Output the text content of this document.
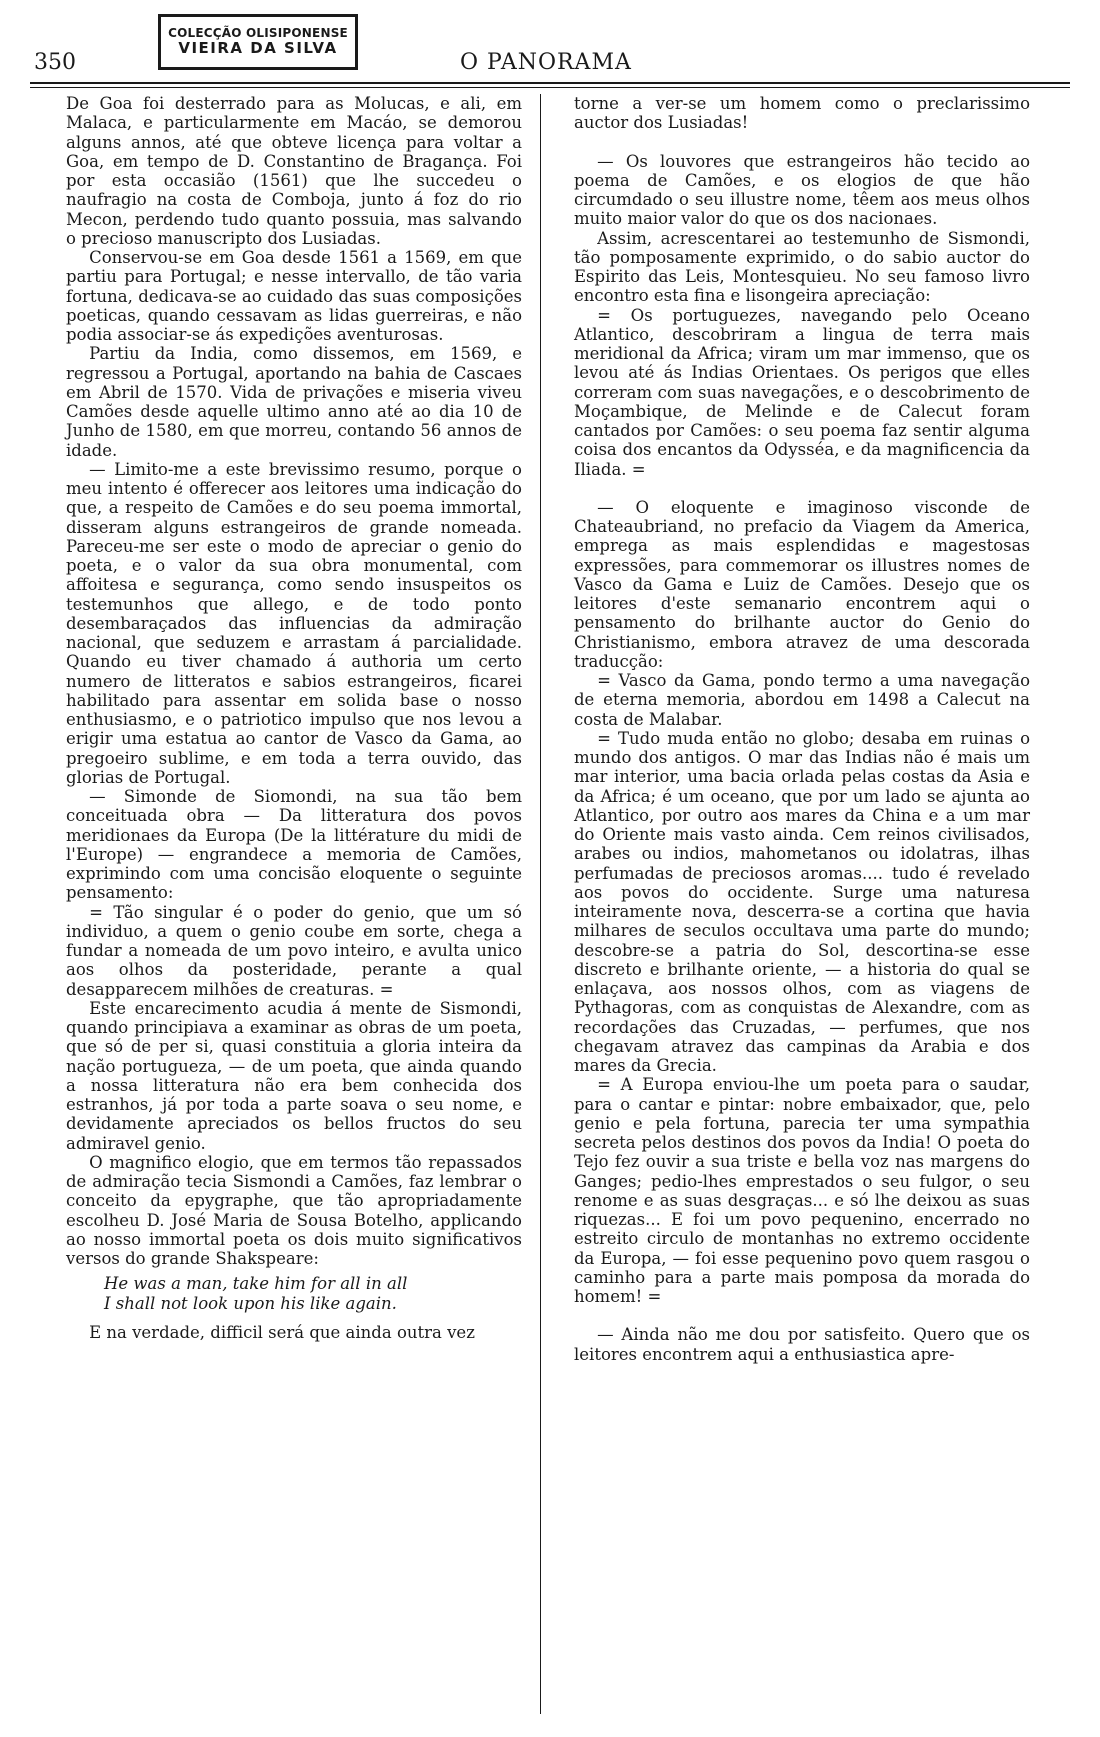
350
COLECÇÃO OLISIPONENSE
VIEIRA DA SILVA
O PANORAMA

De Goa foi desterrado para as Molucas, e ali, em Malaca, e particularmente em Macáo, se demorou alguns annos, até que obteve licença para voltar a Goa, em tempo de D. Constantino de Bragança. Foi por esta occasião (1561) que lhe succedeu o naufragio na costa de Comboja, junto á foz do rio Mecon, perdendo tudo quanto possuia, mas salvando o precioso manuscripto dos Lusiadas.

Conservou-se em Goa desde 1561 a 1569, em que partiu para Portugal; e nesse intervallo, de tão varia fortuna, dedicava-se ao cuidado das suas composições poeticas, quando cessavam as lidas guerreiras, e não podia associar-se ás expedições aventurosas.

Partiu da India, como dissemos, em 1569, e regressou a Portugal, aportando na bahia de Cascaes em Abril de 1570. Vida de privações e miseria viveu Camões desde aquelle ultimo anno até ao dia 10 de Junho de 1580, em que morreu, contando 56 annos de idade.

— Limito-me a este brevissimo resumo, porque o meu intento é offerecer aos leitores uma indicação do que, a respeito de Camões e do seu poema immortal, disseram alguns estrangeiros de grande nomeada. Pareceu-me ser este o modo de apreciar o genio do poeta, e o valor da sua obra monumental, com affoitesa e segurança, como sendo insuspeitos os testemunhos que allego, e de todo ponto desembaraçados das influencias da admiração nacional, que seduzem e arrastam á parcialidade. Quando eu tiver chamado á authoria um certo numero de litteratos e sabios estrangeiros, ficarei habilitado para assentar em solida base o nosso enthusiasmo, e o patriotico impulso que nos levou a erigir uma estatua ao cantor de Vasco da Gama, ao pregoeiro sublime, e em toda a terra ouvido, das glorias de Portugal.

— Simonde de Siomondi, na sua tão bem conceituada obra — Da litteratura dos povos meridionaes da Europa (De la littérature du midi de l'Europe) — engrandece a memoria de Camões, exprimindo com uma concisão eloquente o seguinte pensamento:

= Tão singular é o poder do genio, que um só individuo, a quem o genio coube em sorte, chega a fundar a nomeada de um povo inteiro, e avulta unico aos olhos da posteridade, perante a qual desapparecem milhões de creaturas. =

Este encarecimento acudia á mente de Sismondi, quando principiava a examinar as obras de um poeta, que só de per si, quasi constituia a gloria inteira da nação portugueza, — de um poeta, que ainda quando a nossa litteratura não era bem conhecida dos estranhos, já por toda a parte soava o seu nome, e devidamente apreciados os bellos fructos do seu admiravel genio.

O magnifico elogio, que em termos tão repassados de admiração tecia Sismondi a Camões, faz lembrar o conceito da epygraphe, que tão apropriadamente escolheu D. José Maria de Sousa Botelho, applicando ao nosso immortal poeta os dois muito significativos versos do grande Shakspeare:

He was a man, take him for all in all
I shall not look upon his like again.

E na verdade, difficil será que ainda outra vez

torne a ver-se um homem como o preclarissimo auctor dos Lusiadas!

— Os louvores que estrangeiros hão tecido ao poema de Camões, e os elogios de que hão circumdado o seu illustre nome, têem aos meus olhos muito maior valor do que os dos nacionaes.

Assim, acrescentarei ao testemunho de Sismondi, tão pomposamente exprimido, o do sabio auctor do Espirito das Leis, Montesquieu. No seu famoso livro encontro esta fina e lisongeira apreciação:

= Os portuguezes, navegando pelo Oceano Atlantico, descobriram a lingua de terra mais meridional da Africa; viram um mar immenso, que os levou até ás Indias Orientaes. Os perigos que elles correram com suas navegações, e o descobrimento de Moçambique, de Melinde e de Calecut foram cantados por Camões: o seu poema faz sentir alguma coisa dos encantos da Odysséa, e da magnificencia da Iliada. =

— O eloquente e imaginoso visconde de Chateaubriand, no prefacio da Viagem da America, emprega as mais esplendidas e magestosas expressões, para commemorar os illustres nomes de Vasco da Gama e Luiz de Camões. Desejo que os leitores d'este semanario encontrem aqui o pensamento do brilhante auctor do Genio do Christianismo, embora atravez de uma descorada traducção:

= Vasco da Gama, pondo termo a uma navegação de eterna memoria, abordou em 1498 a Calecut na costa de Malabar.

= Tudo muda então no globo; desaba em ruinas o mundo dos antigos. O mar das Indias não é mais um mar interior, uma bacia orlada pelas costas da Asia e da Africa; é um oceano, que por um lado se ajunta ao Atlantico, por outro aos mares da China e a um mar do Oriente mais vasto ainda. Cem reinos civilisados, arabes ou indios, mahometanos ou idolatras, ilhas perfumadas de preciosos aromas.... tudo é revelado aos povos do occidente. Surge uma naturesa inteiramente nova, descerra-se a cortina que havia milhares de seculos occultava uma parte do mundo; descobre-se a patria do Sol, descortina-se esse discreto e brilhante oriente, — a historia do qual se enlaçava, aos nossos olhos, com as viagens de Pythagoras, com as conquistas de Alexandre, com as recordações das Cruzadas, — perfumes, que nos chegavam atravez das campinas da Arabia e dos mares da Grecia.

= A Europa enviou-lhe um poeta para o saudar, para o cantar e pintar: nobre embaixador, que, pelo genio e pela fortuna, parecia ter uma sympathia secreta pelos destinos dos povos da India! O poeta do Tejo fez ouvir a sua triste e bella voz nas margens do Ganges; pedio-lhes emprestados o seu fulgor, o seu renome e as suas desgraças... e só lhe deixou as suas riquezas... E foi um povo pequenino, encerrado no estreito circulo de montanhas no extremo occidente da Europa, — foi esse pequenino povo quem rasgou o caminho para a parte mais pomposa da morada do homem! =

— Ainda não me dou por satisfeito. Quero que os leitores encontrem aqui a enthusiastica apre-
